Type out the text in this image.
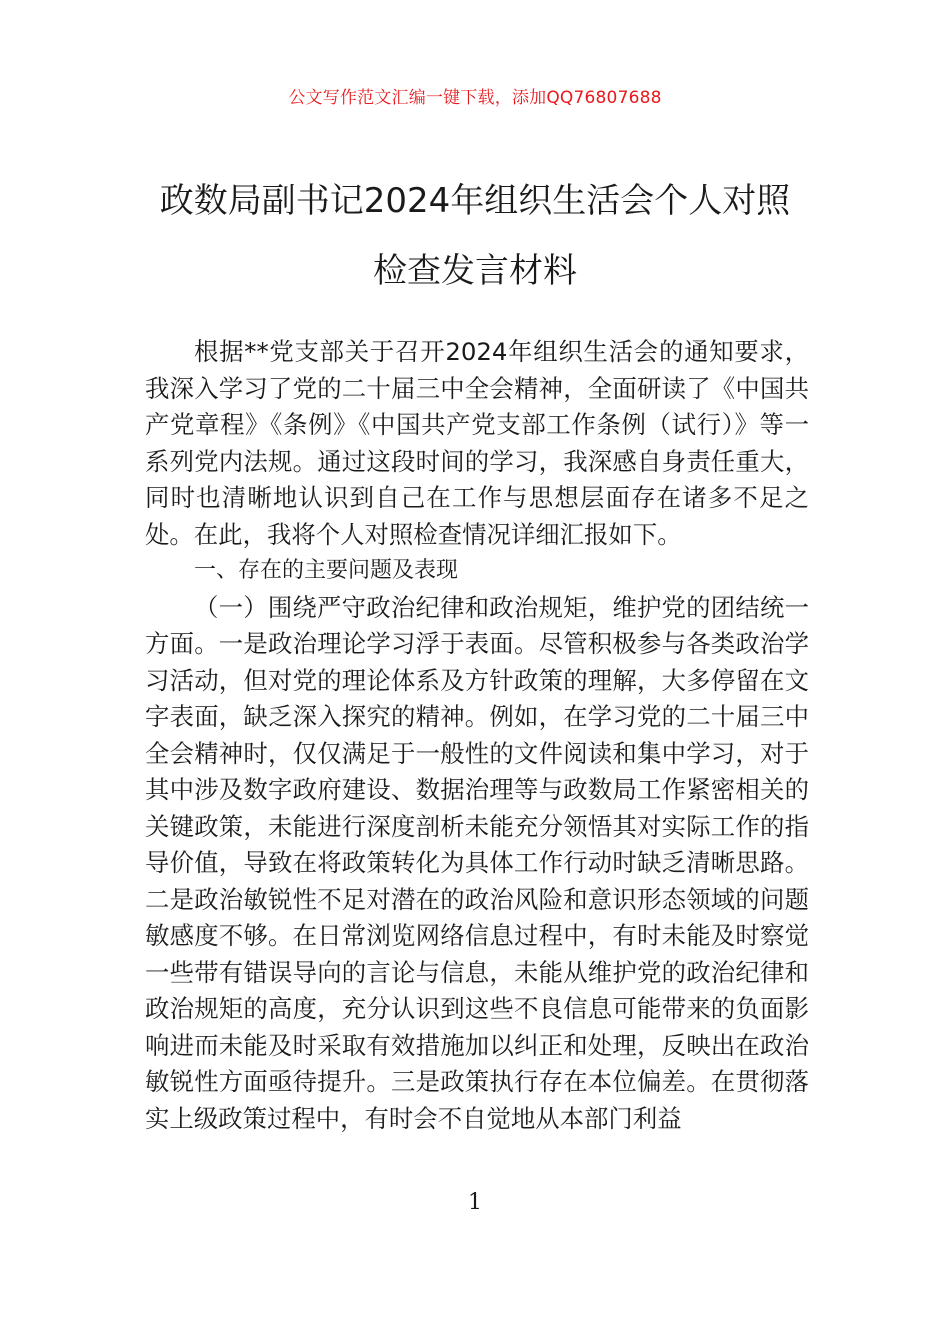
公文写作范文汇编一键下载，添加QQ76807688
政数局副书记2024年组织生活会个人对照
检查发言材料

根据**党支部关于召开2024年组织生活会的通知要求，我深入学习了党的二十届三中全会精神，全面研读了《中国共产党章程》《条例》《中国共产党支部工作条例（试行）》等一系列党内法规。通过这段时间的学习，我深感自身责任重大，同时也清晰地认识到自己在工作与思想层面存在诸多不足之处。在此，我将个人对照检查情况详细汇报如下。

一、存在的主要问题及表现

（一）围绕严守政治纪律和政治规矩，维护党的团结统一方面。一是政治理论学习浮于表面。尽管积极参与各类政治学习活动，但对党的理论体系及方针政策的理解，大多停留在文字表面，缺乏深入探究的精神。例如，在学习党的二十届三中全会精神时，仅仅满足于一般性的文件阅读和集中学习，对于其中涉及数字政府建设、数据治理等与政数局工作紧密相关的关键政策，未能进行深度剖析未能充分领悟其对实际工作的指导价值，导致在将政策转化为具体工作行动时缺乏清晰思路。二是政治敏锐性不足对潜在的政治风险和意识形态领域的问题敏感度不够。在日常浏览网络信息过程中，有时未能及时察觉一些带有错误导向的言论与信息，未能从维护党的政治纪律和政治规矩的高度，充分认识到这些不良信息可能带来的负面影响进而未能及时采取有效措施加以纠正和处理，反映出在政治敏锐性方面亟待提升。三是政策执行存在本位偏差。在贯彻落实上级政策过程中，有时会不自觉地从本部门利益

1
